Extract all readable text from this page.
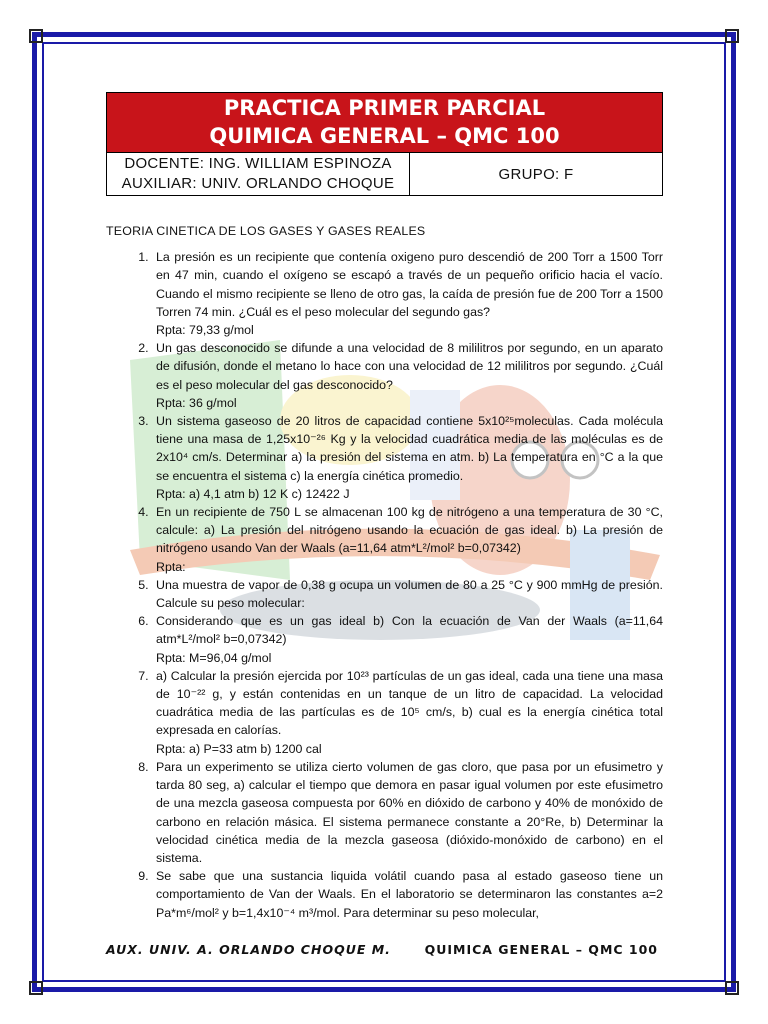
PRACTICA PRIMER PARCIAL
QUIMICA GENERAL – QMC 100
DOCENTE: ING. WILLIAM ESPINOZA
AUXILIAR: UNIV. ORLANDO CHOQUE
GRUPO: F
TEORIA CINETICA DE LOS GASES Y GASES REALES
1. La presión es un recipiente que contenía oxigeno puro descendió de 200 Torr a 1500 Torr en 47 min, cuando el oxígeno se escapó a través de un pequeño orificio hacia el vacío. Cuando el mismo recipiente se lleno de otro gas, la caída de presión fue de 200 Torr a 1500 Torren 74 min. ¿Cuál es el peso molecular del segundo gas?
Rpta: 79,33 g/mol
2. Un gas desconocido se difunde a una velocidad de 8 mililitros por segundo, en un aparato de difusión, donde el metano lo hace con una velocidad de 12 mililitros por segundo. ¿Cuál es el peso molecular del gas desconocido?
Rpta: 36 g/mol
3. Un sistema gaseoso de 20 litros de capacidad contiene 5x10²⁵moleculas. Cada molécula tiene una masa de 1,25x10⁻²⁶ Kg y la velocidad cuadrática media de las moléculas es de 2x10⁴ cm/s. Determinar a) la presión del sistema en atm. b) La temperatura en °C a la que se encuentra el sistema c) la energía cinética promedio.
Rpta: a) 4,1 atm b) 12 K c) 12422 J
4. En un recipiente de 750 L se almacenan 100 kg de nitrógeno a una temperatura de 30 °C, calcule: a) La presión del nitrógeno usando la ecuación de gas ideal. b) La presión de nitrógeno usando Van der Waals (a=11,64 atm*L²/mol² b=0,07342)
Rpta:
5. Una muestra de vapor de 0,38 g ocupa un volumen de 80 a 25 °C y 900 mmHg de presión. Calcule su peso molecular:
6. Considerando que es un gas ideal b) Con la ecuación de Van der Waals (a=11,64 atm*L²/mol² b=0,07342)
Rpta: M=96,04 g/mol
7. a) Calcular la presión ejercida por 10²³ partículas de un gas ideal, cada una tiene una masa de 10⁻²² g, y están contenidas en un tanque de un litro de capacidad. La velocidad cuadrática media de las partículas es de 10⁵ cm/s, b) cual es la energía cinética total expresada en calorías.
Rpta: a) P=33 atm b) 1200 cal
8. Para un experimento se utiliza cierto volumen de gas cloro, que pasa por un efusimetro y tarda 80 seg, a) calcular el tiempo que demora en pasar igual volumen por este efusimetro de una mezcla gaseosa compuesta por 60% en dióxido de carbono y 40% de monóxido de carbono en relación másica. El sistema permanece constante a 20°Re, b) Determinar la velocidad cinética media de la mezcla gaseosa (dióxido-monóxido de carbono) en el sistema.
9. Se sabe que una sustancia liquida volátil cuando pasa al estado gaseoso tiene un comportamiento de Van der Waals. En el laboratorio se determinaron las constantes a=2 Pa*m⁶/mol² y b=1,4x10⁻⁴ m³/mol. Para determinar su peso molecular,
AUX. UNIV. A. ORLANDO CHOQUE M.	QUIMICA GENERAL – QMC 100
